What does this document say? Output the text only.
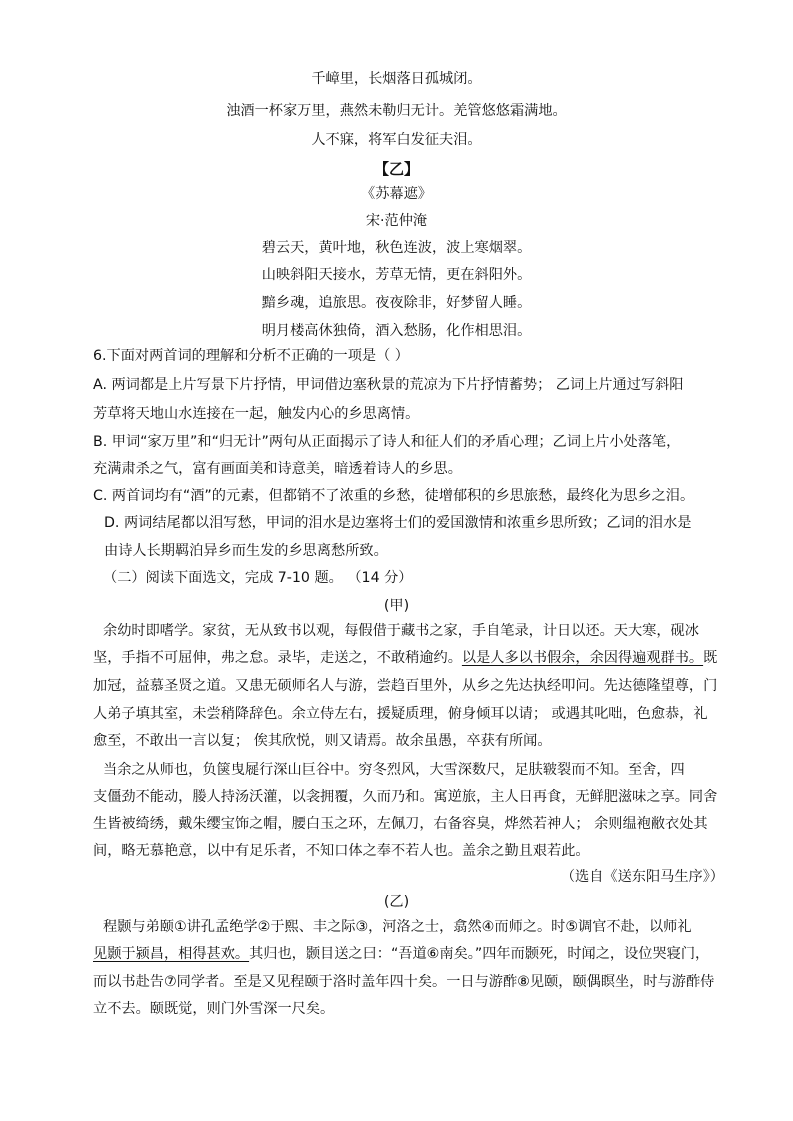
千嶂里，长烟落日孤城闭。
浊酒一杯家万里，燕然未勒归无计。羌管悠悠霜满地。
人不寐，将军白发征夫泪。
【乙】
《苏幕遮》
宋·范仲淹
碧云天，黄叶地，秋色连波，波上寒烟翠。
山映斜阳天接水，芳草无情，更在斜阳外。
黯乡魂，追旅思。夜夜除非，好梦留人睡。
明月楼高休独倚，酒入愁肠，化作相思泪。
6.下面对两首词的理解和分析不正确的一项是（ ）
A. 两词都是上片写景下片抒情，甲词借边塞秋景的荒凉为下片抒情蓄势； 乙词上片通过写斜阳
芳草将天地山水连接在一起，触发内心的乡思离情。
B. 甲词“家万里”和“归无计”两句从正面揭示了诗人和征人们的矛盾心理；乙词上片小处落笔，
充满肃杀之气，富有画面美和诗意美，暗透着诗人的乡思。
C. 两首词均有“酒”的元素，但都销不了浓重的乡愁，徒增郁积的乡思旅愁，最终化为思乡之泪。
D. 两词结尾都以泪写愁，甲词的泪水是边塞将士们的爱国激情和浓重乡思所致；乙词的泪水是
由诗人长期羁泊异乡而生发的乡思离愁所致。
（二）阅读下面选文，完成 7-10 题。 （14 分）
(甲)
余幼时即嗜学。家贫，无从致书以观，每假借于藏书之家，手自笔录，计日以还。天大寒，砚冰
坚，手指不可屈伸，弗之怠。录毕，走送之，不敢稍逾约。以是人多以书假余，余因得遍观群书。既
加冠，益慕圣贤之道。又患无硕师名人与游，尝趋百里外，从乡之先达执经叩问。先达德隆望尊，门
人弟子填其室，未尝稍降辞色。余立侍左右，援疑质理，俯身倾耳以请； 或遇其叱咄，色愈恭，礼
愈至，不敢出一言以复； 俟其欣悦，则又请焉。故余虽愚，卒获有所闻。
当余之从师也，负箧曳屣行深山巨谷中。穷冬烈风，大雪深数尺，足肤皲裂而不知。至舍，四
支僵劲不能动，媵人持汤沃灌，以衾拥覆，久而乃和。寓逆旅，主人日再食，无鲜肥滋味之享。同舍
生皆被绮绣，戴朱缨宝饰之帽，腰白玉之环，左佩刀，右备容臭，烨然若神人； 余则缊袍敝衣处其
间，略无慕艳意，以中有足乐者，不知口体之奉不若人也。盖余之勤且艰若此。
（选自《送东阳马生序》）
(乙)
程颢与弟颐①讲孔孟绝学②于熙、丰之际③，河洛之士，翕然④而师之。时⑤调官不赴，以师礼
见颢于颍昌，相得甚欢。其归也，颢目送之曰：“吾道⑥南矣。”四年而颢死，时闻之，设位哭寝门，
而以书赴告⑦同学者。至是又见程颐于洛时盖年四十矣。一日与游酢⑧见颐，颐偶瞑坐，时与游酢侍
立不去。颐既觉，则门外雪深一尺矣。
